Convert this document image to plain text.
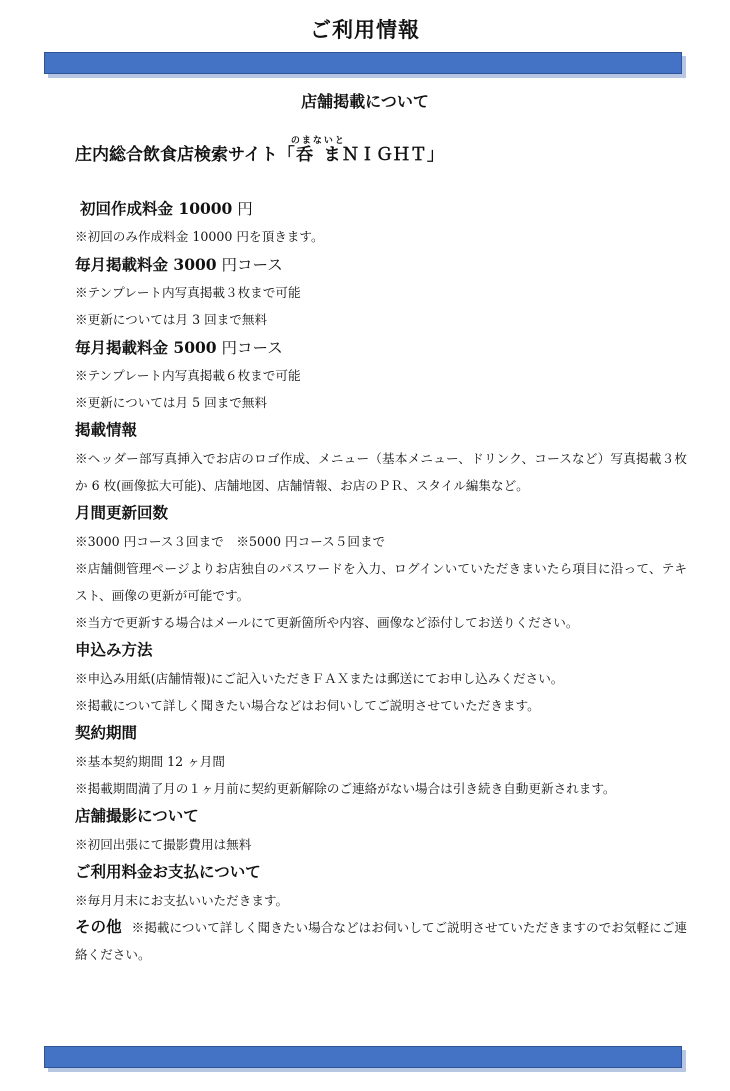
ご利用情報
店舗掲載について
庄内総合飲食店検索サイト「呑まのまないとＮＩＧＨＴ」
初回作成料金 10000 円
※初回のみ作成料金 10000 円を頂きます。
毎月掲載料金 3000 円コース
※テンプレート内写真掲載３枚まで可能
※更新については月 3 回まで無料
毎月掲載料金 5000 円コース
※テンプレート内写真掲載６枚まで可能
※更新については月 5 回まで無料
掲載情報
※ヘッダー部写真挿入でお店のロゴ作成、メニュー（基本メニュー、ドリンク、コースなど）写真掲載３枚か 6 枚(画像拡大可能)、店舗地図、店舗情報、お店のＰＲ、スタイル編集など。
月間更新回数
※3000 円コース３回まで　※5000 円コース５回まで
※店舗側管理ページよりお店独自のパスワードを入力、ログインいていただきまいたら項目に沿って、テキスト、画像の更新が可能です。
※当方で更新する場合はメールにて更新箇所や内容、画像など添付してお送りください。
申込み方法
※申込み用紙(店舗情報)にご記入いただきＦＡＸまたは郵送にてお申し込みください。
※掲載について詳しく聞きたい場合などはお伺いしてご説明させていただきます。
契約期間
※基本契約期間 12 ヶ月間
※掲載期間満了月の１ヶ月前に契約更新解除のご連絡がない場合は引き続き自動更新されます。
店舗撮影について
※初回出張にて撮影費用は無料
ご利用料金お支払について
※毎月月末にお支払いいただきます。
その他 ※掲載について詳しく聞きたい場合などはお伺いしてご説明させていただきますのでお気軽にご連絡ください。
